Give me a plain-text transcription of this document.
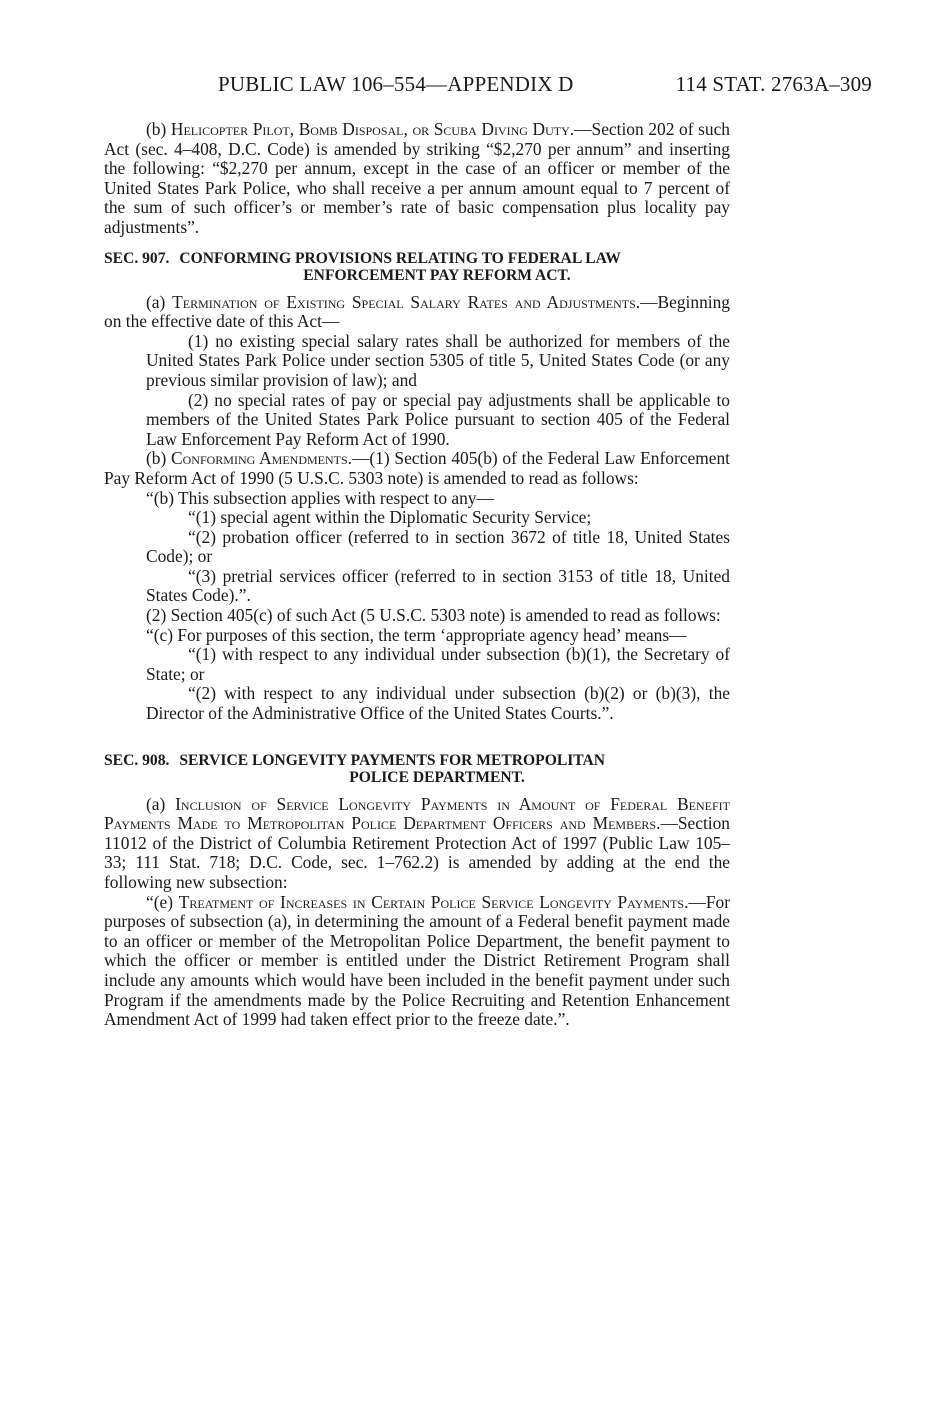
PUBLIC LAW 106–554—APPENDIX D	114 STAT. 2763A–309

(b) Helicopter Pilot, Bomb Disposal, or Scuba Diving Duty.—Section 202 of such Act (sec. 4–408, D.C. Code) is amended by striking “$2,270 per annum” and inserting the following: “$2,270 per annum, except in the case of an officer or member of the United States Park Police, who shall receive a per annum amount equal to 7 percent of the sum of such officer’s or member’s rate of basic compensation plus locality pay adjustments”.

SEC. 907. CONFORMING PROVISIONS RELATING TO FEDERAL LAW
ENFORCEMENT PAY REFORM ACT.

(a) Termination of Existing Special Salary Rates and Adjustments.—Beginning on the effective date of this Act—

(1) no existing special salary rates shall be authorized for members of the United States Park Police under section 5305 of title 5, United States Code (or any previous similar provision of law); and

(2) no special rates of pay or special pay adjustments shall be applicable to members of the United States Park Police pursuant to section 405 of the Federal Law Enforcement Pay Reform Act of 1990.

(b) Conforming Amendments.—(1) Section 405(b) of the Federal Law Enforcement Pay Reform Act of 1990 (5 U.S.C. 5303 note) is amended to read as follows:

“(b) This subsection applies with respect to any—

“(1) special agent within the Diplomatic Security Service;

“(2) probation officer (referred to in section 3672 of title 18, United States Code); or

“(3) pretrial services officer (referred to in section 3153 of title 18, United States Code).”.

(2) Section 405(c) of such Act (5 U.S.C. 5303 note) is amended to read as follows:

“(c) For purposes of this section, the term ‘appropriate agency head’ means—

“(1) with respect to any individual under subsection (b)(1), the Secretary of State; or

“(2) with respect to any individual under subsection (b)(2) or (b)(3), the Director of the Administrative Office of the United States Courts.”.

SEC. 908. SERVICE LONGEVITY PAYMENTS FOR METROPOLITAN
POLICE DEPARTMENT.

(a) Inclusion of Service Longevity Payments in Amount of Federal Benefit Payments Made to Metropolitan Police Department Officers and Members.—Section 11012 of the District of Columbia Retirement Protection Act of 1997 (Public Law 105–33; 111 Stat. 718; D.C. Code, sec. 1–762.2) is amended by adding at the end the following new subsection:

“(e) Treatment of Increases in Certain Police Service Longevity Payments.—For purposes of subsection (a), in determining the amount of a Federal benefit payment made to an officer or member of the Metropolitan Police Department, the benefit payment to which the officer or member is entitled under the District Retirement Program shall include any amounts which would have been included in the benefit payment under such Program if the amendments made by the Police Recruiting and Retention Enhancement Amendment Act of 1999 had taken effect prior to the freeze date.”.
